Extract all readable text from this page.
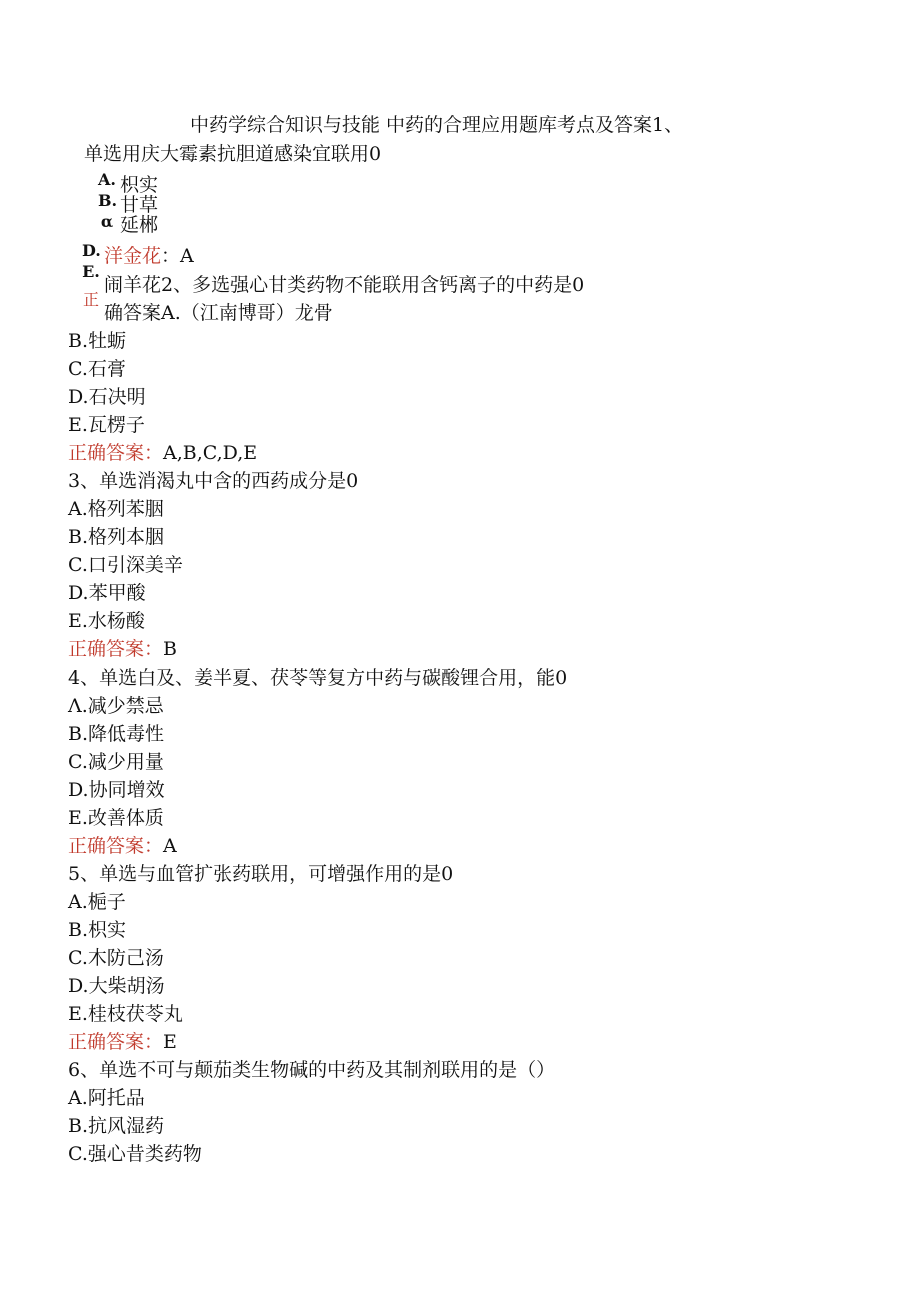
中药学综合知识与技能 中药的合理应用题库考点及答案1、
单选用庆大霉素抗胆道感染宜联用0
A.
B.
α
D.
E.
正
枳实
甘草
延郴
洋金花：A
闹羊花2、多选强心甘类药物不能联用含钙离子的中药是0
确答案A.（江南博哥）龙骨
B.牡蛎
C.石膏
D.石决明
E.瓦楞子
正确答案：A,B,C,D,E
3、单选消渴丸中含的西药成分是0
A.格列苯胭
B.格列本胭
C.口引深美辛
D.苯甲酸
E.水杨酸
正确答案：B
4、单选白及、姜半夏、茯苓等复方中药与碳酸锂合用，能0
Λ.减少禁忌
B.降低毒性
C.减少用量
D.协同增效
E.改善体质
正确答案：A
5、单选与血管扩张药联用，可增强作用的是0
A.梔子
B.枳实
C.木防己汤
D.大柴胡汤
E.桂枝茯苓丸
正确答案：E
6、单选不可与颠茄类生物碱的中药及其制剂联用的是（）
A.阿托品
B.抗风湿药
C.强心昔类药物
